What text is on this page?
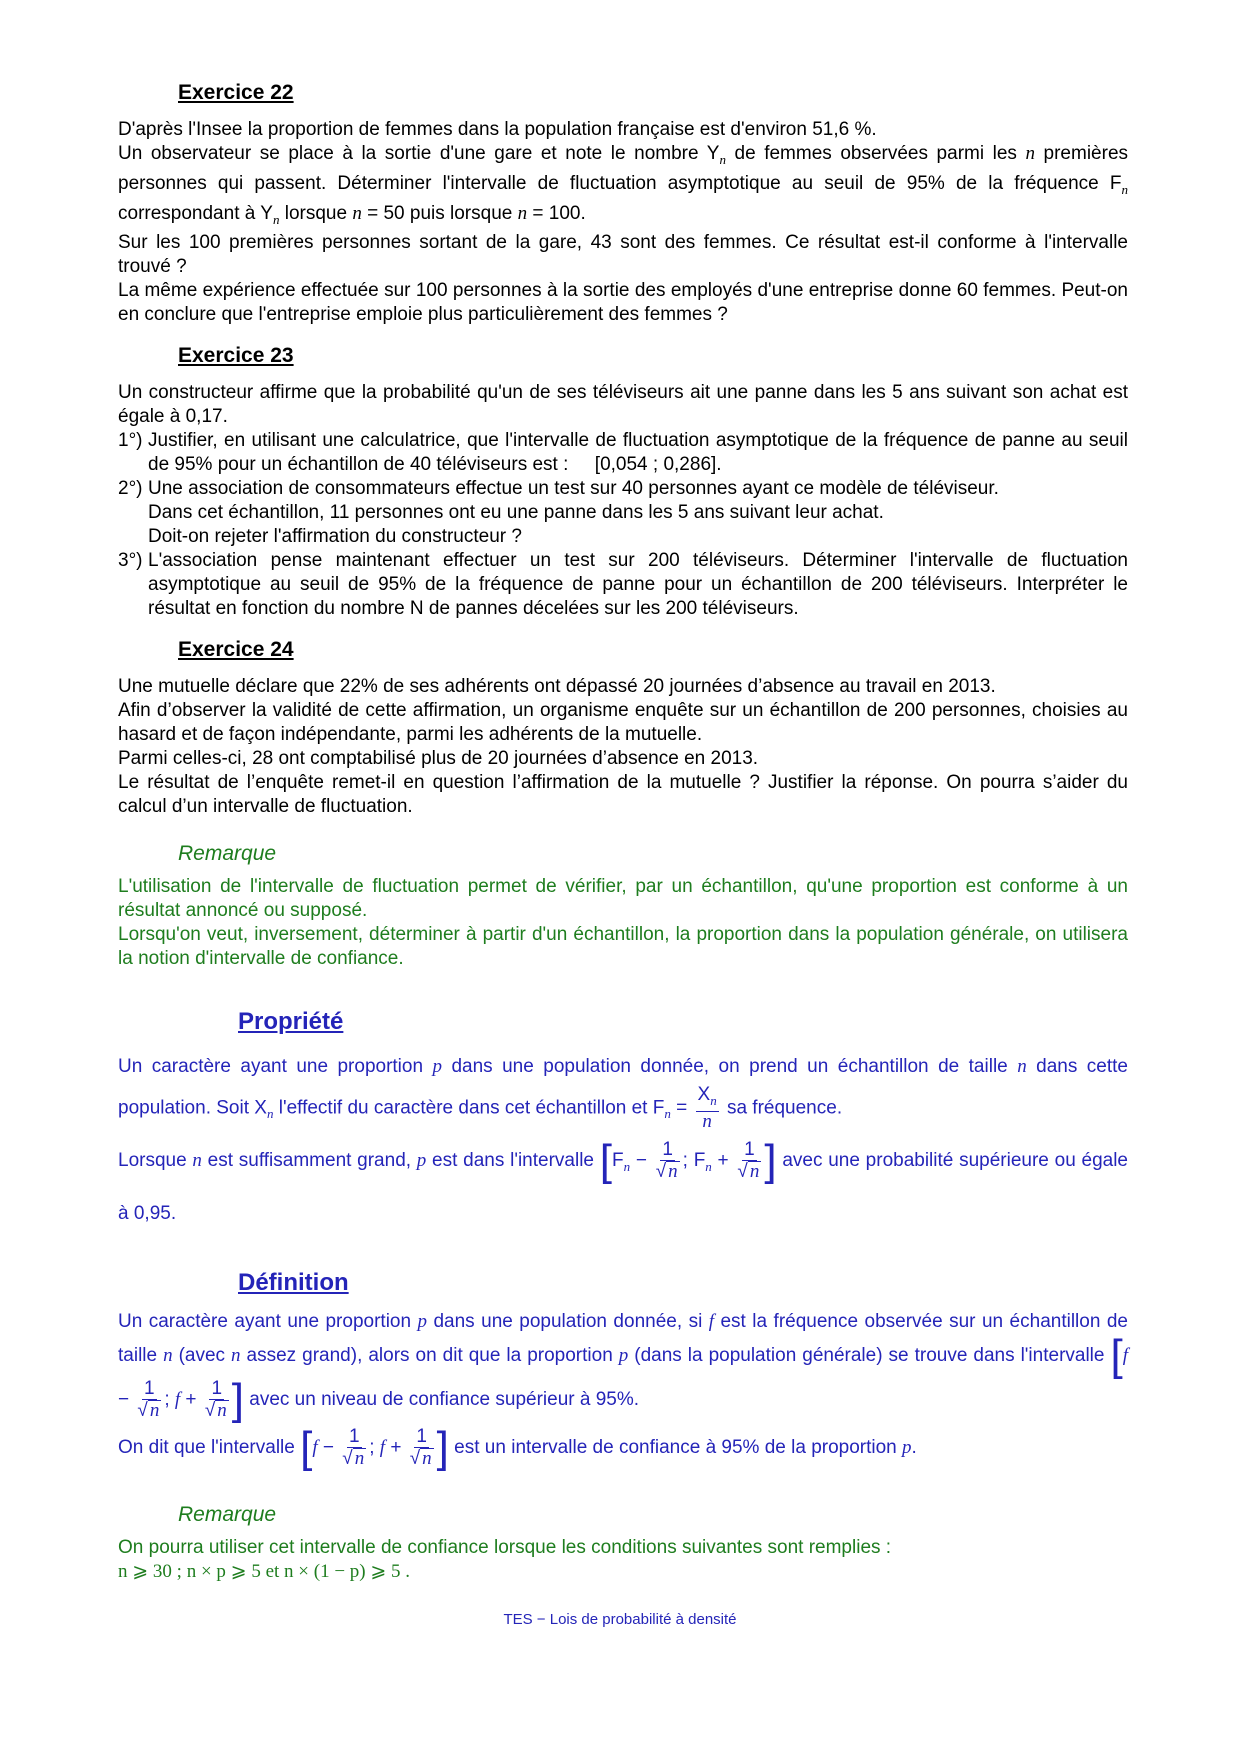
Exercice 22

D'après l'Insee la proportion de femmes dans la population française est d'environ 51,6 %.

Un observateur se place à la sortie d'une gare et note le nombre $Y_n$ de femmes observées parmi les n premières personnes qui passent. Déterminer l'intervalle de fluctuation asymptotique au seuil de 95% de la fréquence $F_n$ correspondant à $Y_n$ lorsque n = 50 puis lorsque n = 100.

Sur les 100 premières personnes sortant de la gare, 43 sont des femmes. Ce résultat est-il conforme à l'intervalle trouvé ?

La même expérience effectuée sur 100 personnes à la sortie des employés d'une entreprise donne 60 femmes. Peut-on en conclure que l'entreprise emploie plus particulièrement des femmes ?

Exercice 23

Un constructeur affirme que la probabilité qu'un de ses téléviseurs ait une panne dans les 5 ans suivant son achat est égale à 0,17.

1°) Justifier, en utilisant une calculatrice, que l'intervalle de fluctuation asymptotique de la fréquence de panne au seuil de 95% pour un échantillon de 40 téléviseurs est : [0,054 ; 0,286].
2°) Une association de consommateurs effectue un test sur 40 personnes ayant ce modèle de téléviseur.
Dans cet échantillon, 11 personnes ont eu une panne dans les 5 ans suivant leur achat.
Doit-on rejeter l'affirmation du constructeur ?
3°) L'association pense maintenant effectuer un test sur 200 téléviseurs. Déterminer l'intervalle de fluctuation asymptotique au seuil de 95% de la fréquence de panne pour un échantillon de 200 téléviseurs. Interpréter le résultat en fonction du nombre N de pannes décelées sur les 200 téléviseurs.
Exercice 24

Une mutuelle déclare que 22% de ses adhérents ont dépassé 20 journées d’absence au travail en 2013.

Afin d’observer la validité de cette affirmation, un organisme enquête sur un échantillon de 200 personnes, choisies au hasard et de façon indépendante, parmi les adhérents de la mutuelle.

Parmi celles-ci, 28 ont comptabilisé plus de 20 journées d’absence en 2013.

Le résultat de l’enquête remet-il en question l’affirmation de la mutuelle ? Justifier la réponse. On pourra s’aider du calcul d’un intervalle de fluctuation.

Remarque

L'utilisation de l'intervalle de fluctuation permet de vérifier, par un échantillon, qu'une proportion est conforme à un résultat annoncé ou supposé.

Lorsqu'on veut, inversement, déterminer à partir d'un échantillon, la proportion dans la population générale, on utilisera la notion d'intervalle de confiance.

Propriété

Un caractère ayant une proportion p dans une population donnée, on prend un échantillon de taille n dans cette population. Soit $X_n$ l'effectif du caractère dans cet échantillon et $F_n = \frac{X_n}{n}$ sa fréquence.

Lorsque n est suffisamment grand, p est dans l'intervalle [$F_n - \frac{1}{√ n}$ ; $F_n + \frac{1}{√ n}$ ] avec une probabilité supérieure ou égale à 0,95.

Définition

Un caractère ayant une proportion p dans une population donnée, si f est la fréquence observée sur un échantillon de taille n (avec n assez grand), alors on dit que la proportion p (dans la population générale) se trouve dans l'intervalle [$f - \frac{1}{√ n}$ ; $f + \frac{1}{√ n}$ ] avec un niveau de confiance supérieur à 95%.

On dit que l'intervalle [$f - \frac{1}{√ n}$ ; $f + \frac{1}{√ n}$ ] est un intervalle de confiance à 95% de la proportion p.

Remarque

On pourra utiliser cet intervalle de confiance lorsque les conditions suivantes sont remplies :

n ⩾ 30 ; n × p ⩾ 5 et n × (1 − p) ⩾ 5 .

TES − Lois de probabilité à densité
